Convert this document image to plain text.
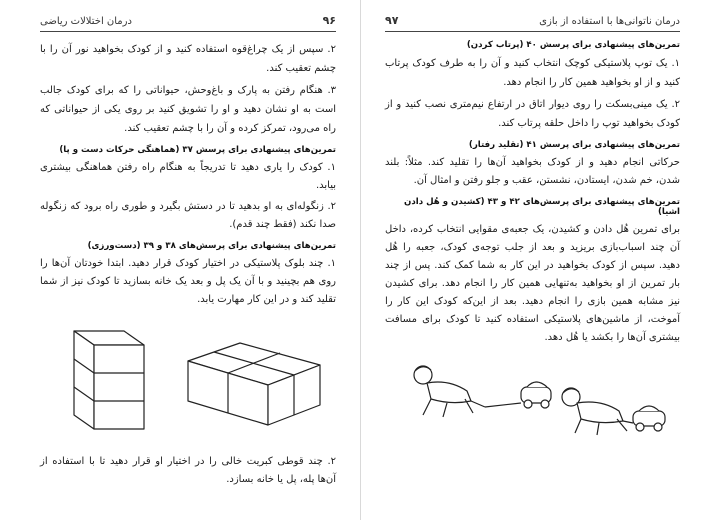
۹۶
درمان اختلالات ریاضی

۲. سپس از یک چراغ‌قوه استفاده کنید و از کودک بخواهید نور آن را با چشم تعقیب کند.

۳. هنگام رفتن به پارک و باغ‌وحش، حیواناتی را که برای کودک جالب است به او نشان دهید و او را تشویق کنید بر روی یکی از حیواناتی که راه می‌رود، تمرکز کرده و آن را با چشم تعقیب کند.

تمرین‌های پیشنهادی برای پرسش ۳۷ (هماهنگی حرکات دست و پا)

۱. کودک را یاری دهید تا تدریجاً به هنگام راه رفتن هماهنگی بیشتری بیابد.

۲. زنگوله‌ای به او بدهید تا در دستش بگیرد و طوری راه برود که زنگوله صدا نکند (فقط چند قدم).

تمرین‌های پیشنهادی برای پرسش‌های ۳۸ و ۳۹ (دست‌ورزی)

۱. چند بلوک پلاستیکی در اختیار کودک قرار دهید. ابتدا خودتان آن‌ها را روی هم بچینید و با آن یک پل و بعد یک خانه بسازید تا کودک نیز از شما تقلید کند و در این کار مهارت یابد.

۲. چند قوطی کبریت خالی را در اختیار او قرار دهید تا با استفاده از آن‌ها پله، پل یا خانه بسازد.

درمان ناتوانی‌ها با استفاده از بازی
۹۷
تمرین‌های پیشنهادی برای پرسش ۴۰ (پرتاب کردن)

۱. یک توپ پلاستیکی کوچک انتخاب کنید و آن را به طرف کودک پرتاب کنید و از او بخواهید همین کار را انجام دهد.

۲. یک مینی‌بسکت را روی دیوار اتاق در ارتفاع نیم‌متری نصب کنید و از کودک بخواهید توپ را داخل حلقه پرتاب کند.

تمرین‌های پیشنهادی برای پرسش ۴۱ (تقلید رفتار)

حرکاتی انجام دهید و از کودک بخواهید آن‌ها را تقلید کند. مثلاً: بلند شدن، خم شدن، ایستادن، نشستن، عقب و جلو رفتن و امثال آن.

تمرین‌های پیشنهادی برای پرسش‌های ۴۲ و ۴۳ (کشیدن و هُل دادن اشیا)

برای تمرین هُل دادن و کشیدن، یک جعبه‌ی مقوایی انتخاب کرده، داخل آن چند اسباب‌بازی بریزید و بعد از جلب توجه‌ی کودک، جعبه را هُل دهید. سپس از کودک بخواهید در این کار به شما کمک کند. پس از چند بار تمرین از او بخواهید به‌تنهایی همین کار را انجام دهد. برای کشیدن نیز مشابه همین بازی را انجام دهید. بعد از این‌که کودک این کار را آموخت، از ماشین‌های پلاستیکی استفاده کنید تا کودک برای مسافت بیشتری آن‌ها را بکشد یا هُل دهد.
